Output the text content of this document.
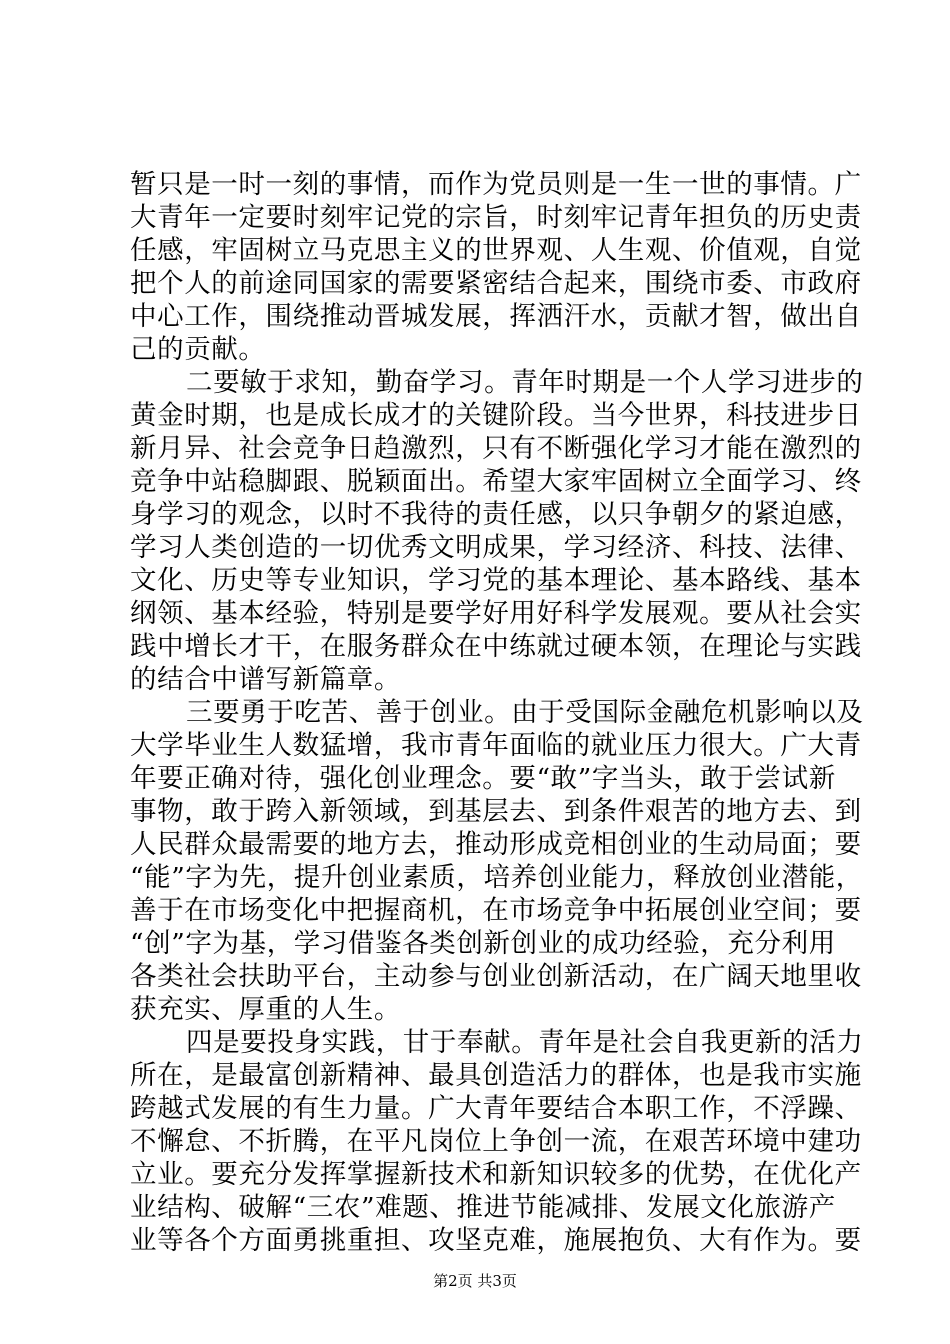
暂只是一时一刻的事情，而作为党员则是一生一世的事情。广
大青年一定要时刻牢记党的宗旨，时刻牢记青年担负的历史责
任感，牢固树立马克思主义的世界观、人生观、价值观，自觉
把个人的前途同国家的需要紧密结合起来，围绕市委、市政府
中心工作，围绕推动晋城发展，挥洒汗水，贡献才智，做出自
己的贡献。
二要敏于求知，勤奋学习。青年时期是一个人学习进步的
黄金时期，也是成长成才的关键阶段。当今世界，科技进步日
新月异、社会竞争日趋激烈，只有不断强化学习才能在激烈的
竞争中站稳脚跟、脱颖面出。希望大家牢固树立全面学习、终
身学习的观念，以时不我待的责任感，以只争朝夕的紧迫感，
学习人类创造的一切优秀文明成果，学习经济、科技、法律、
文化、历史等专业知识，学习党的基本理论、基本路线、基本
纲领、基本经验，特别是要学好用好科学发展观。要从社会实
践中增长才干，在服务群众在中练就过硬本领，在理论与实践
的结合中谱写新篇章。
三要勇于吃苦、善于创业。由于受国际金融危机影响以及
大学毕业生人数猛增，我市青年面临的就业压力很大。广大青
年要正确对待，强化创业理念。要“敢”字当头，敢于尝试新
事物，敢于跨入新领域，到基层去、到条件艰苦的地方去、到
人民群众最需要的地方去，推动形成竞相创业的生动局面；要
“能”字为先，提升创业素质，培养创业能力，释放创业潜能，
善于在市场变化中把握商机，在市场竞争中拓展创业空间；要
“创”字为基，学习借鉴各类创新创业的成功经验，充分利用
各类社会扶助平台，主动参与创业创新活动，在广阔天地里收
获充实、厚重的人生。
四是要投身实践，甘于奉献。青年是社会自我更新的活力
所在，是最富创新精神、最具创造活力的群体，也是我市实施
跨越式发展的有生力量。广大青年要结合本职工作，不浮躁、
不懈怠、不折腾，在平凡岗位上争创一流，在艰苦环境中建功
立业。要充分发挥掌握新技术和新知识较多的优势，在优化产
业结构、破解“三农”难题、推进节能减排、发展文化旅游产
业等各个方面勇挑重担、攻坚克难，施展抱负、大有作为。要
第2页 共3页
